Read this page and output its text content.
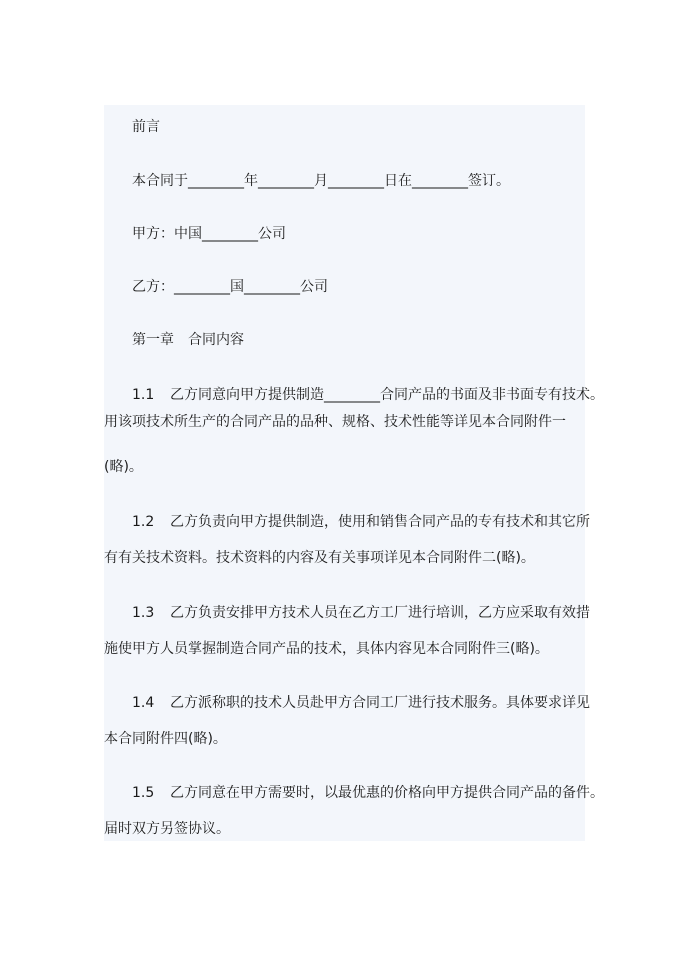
前言
本合同于________年________月________日在________签订。
甲方：中国________公司
乙方：________国________公司
第一章　合同内容
1.1 乙方同意向甲方提供制造________合同产品的书面及非书面专有技术。
用该项技术所生产的合同产品的品种、规格、技术性能等详见本合同附件一
(略)。
1.2 乙方负责向甲方提供制造，使用和销售合同产品的专有技术和其它所
有有关技术资料。技术资料的内容及有关事项详见本合同附件二(略)。
1.3 乙方负责安排甲方技术人员在乙方工厂进行培训，乙方应采取有效措
施使甲方人员掌握制造合同产品的技术，具体内容见本合同附件三(略)。
1.4 乙方派称职的技术人员赴甲方合同工厂进行技术服务。具体要求详见
本合同附件四(略)。
1.5 乙方同意在甲方需要时，以最优惠的价格向甲方提供合同产品的备件。
届时双方另签协议。
